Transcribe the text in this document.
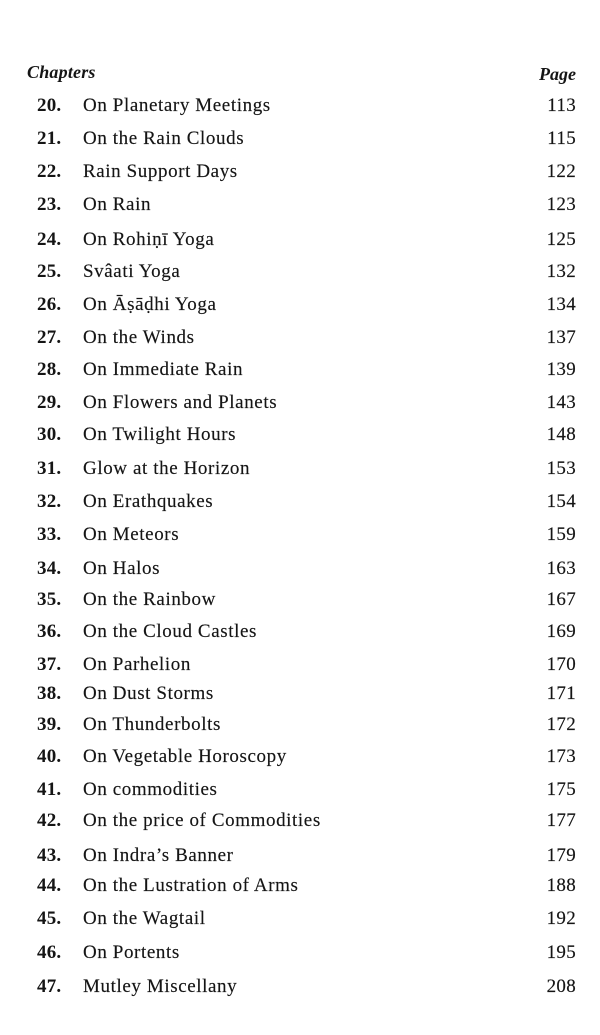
Chapters	Page
20. On Planetary Meetings	113
21. On the Rain Clouds	115
22. Rain Support Days	122
23. On Rain	123
24. On Rohiṇī Yoga	125
25. Svâati Yoga	132
26. On Āṣāḍhi Yoga	134
27. On the Winds	137
28. On Immediate Rain	139
29. On Flowers and Planets	143
30. On Twilight Hours	148
31. Glow at the Horizon	153
32. On Erathquakes	154
33. On Meteors	159
34. On Halos	163
35. On the Rainbow	167
36. On the Cloud Castles	169
37. On Parhelion	170
38. On Dust Storms	171
39. On Thunderbolts	172
40. On Vegetable Horoscopy	173
41. On commodities	175
42. On the price of Commodities	177
43. On Indra’s Banner	179
44. On the Lustration of Arms	188
45. On the Wagtail	192
46. On Portents	195
47. Mutley Miscellany	208
